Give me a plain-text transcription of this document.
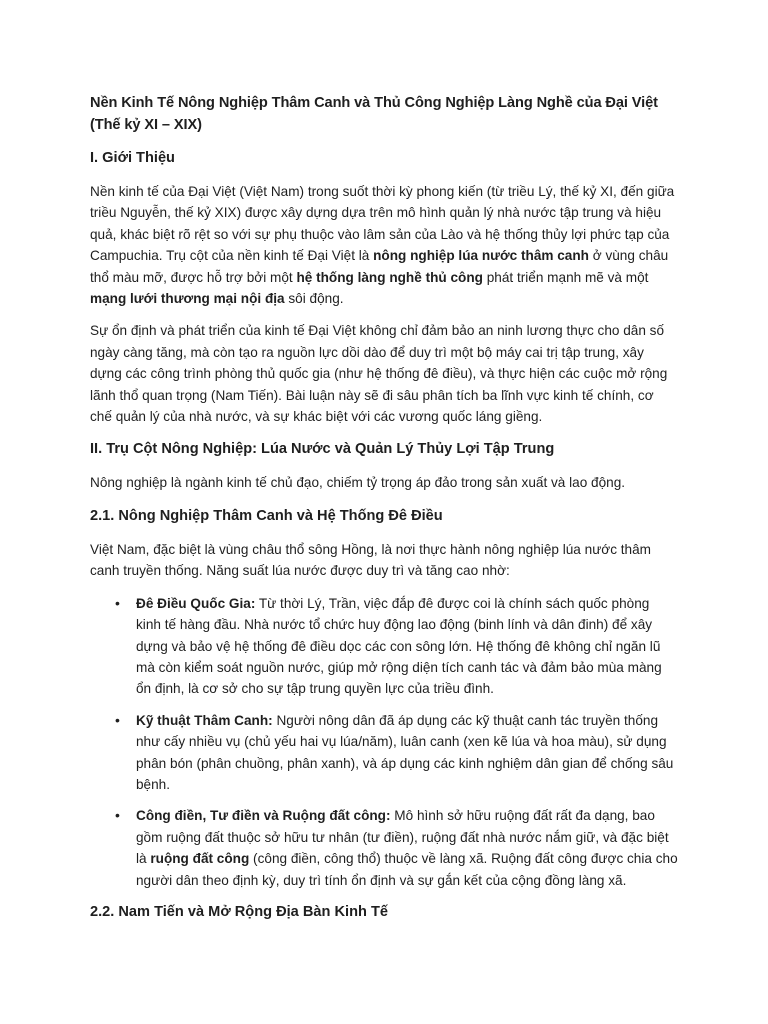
Nền Kinh Tế Nông Nghiệp Thâm Canh và Thủ Công Nghiệp Làng Nghề của Đại Việt (Thế kỷ XI – XIX)
I. Giới Thiệu

Nền kinh tế của Đại Việt (Việt Nam) trong suốt thời kỳ phong kiến (từ triều Lý, thế kỷ XI, đến giữa triều Nguyễn, thế kỷ XIX) được xây dựng dựa trên mô hình quản lý nhà nước tập trung và hiệu quả, khác biệt rõ rệt so với sự phụ thuộc vào lâm sản của Lào và hệ thống thủy lợi phức tạp của Campuchia. Trụ cột của nền kinh tế Đại Việt là nông nghiệp lúa nước thâm canh ở vùng châu thổ màu mỡ, được hỗ trợ bởi một hệ thống làng nghề thủ công phát triển mạnh mẽ và một mạng lưới thương mại nội địa sôi động.

Sự ổn định và phát triển của kinh tế Đại Việt không chỉ đảm bảo an ninh lương thực cho dân số ngày càng tăng, mà còn tạo ra nguồn lực dồi dào để duy trì một bộ máy cai trị tập trung, xây dựng các công trình phòng thủ quốc gia (như hệ thống đê điều), và thực hiện các cuộc mở rộng lãnh thổ quan trọng (Nam Tiến). Bài luận này sẽ đi sâu phân tích ba lĩnh vực kinh tế chính, cơ chế quản lý của nhà nước, và sự khác biệt với các vương quốc láng giềng.

II. Trụ Cột Nông Nghiệp: Lúa Nước và Quản Lý Thủy Lợi Tập Trung

Nông nghiệp là ngành kinh tế chủ đạo, chiếm tỷ trọng áp đảo trong sản xuất và lao động.

2.1. Nông Nghiệp Thâm Canh và Hệ Thống Đê Điều

Việt Nam, đặc biệt là vùng châu thổ sông Hồng, là nơi thực hành nông nghiệp lúa nước thâm canh truyền thống. Năng suất lúa nước được duy trì và tăng cao nhờ:

• Đê Điều Quốc Gia: Từ thời Lý, Trần, việc đắp đê được coi là chính sách quốc phòng kinh tế hàng đầu. Nhà nước tổ chức huy động lao động (binh lính và dân đinh) để xây dựng và bảo vệ hệ thống đê điều dọc các con sông lớn. Hệ thống đê không chỉ ngăn lũ mà còn kiểm soát nguồn nước, giúp mở rộng diện tích canh tác và đảm bảo mùa màng ổn định, là cơ sở cho sự tập trung quyền lực của triều đình.
• Kỹ thuật Thâm Canh: Người nông dân đã áp dụng các kỹ thuật canh tác truyền thống như cấy nhiều vụ (chủ yếu hai vụ lúa/năm), luân canh (xen kẽ lúa và hoa màu), sử dụng phân bón (phân chuồng, phân xanh), và áp dụng các kinh nghiệm dân gian để chống sâu bệnh.
• Công điền, Tư điền và Ruộng đất công: Mô hình sở hữu ruộng đất rất đa dạng, bao gồm ruộng đất thuộc sở hữu tư nhân (tư điền), ruộng đất nhà nước nắm giữ, và đặc biệt là ruộng đất công (công điền, công thổ) thuộc về làng xã. Ruộng đất công được chia cho người dân theo định kỳ, duy trì tính ổn định và sự gắn kết của cộng đồng làng xã.
2.2. Nam Tiến và Mở Rộng Địa Bàn Kinh Tế
